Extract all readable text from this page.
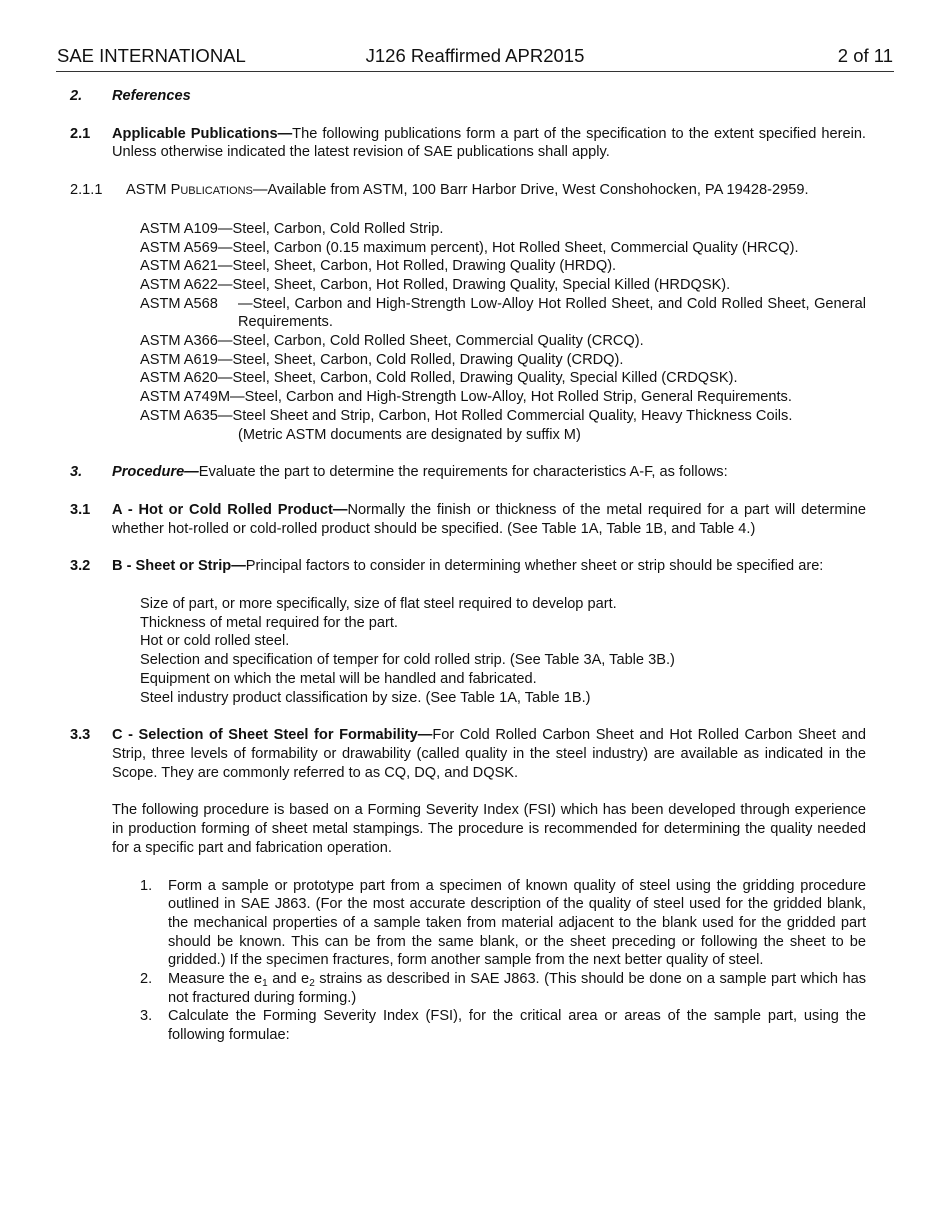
SAE INTERNATIONAL	J126 Reaffirmed APR2015	2 of 11
2.	References
2.1	Applicable Publications—The following publications form a part of the specification to the extent specified herein. Unless otherwise indicated the latest revision of SAE publications shall apply.
2.1.1	ASTM PUBLICATIONS—Available from ASTM, 100 Barr Harbor Drive, West Conshohocken, PA 19428-2959.
ASTM A109 —Steel, Carbon, Cold Rolled Strip.
ASTM A569 —Steel, Carbon (0.15 maximum percent), Hot Rolled Sheet, Commercial Quality (HRCQ).
ASTM A621 —Steel, Sheet, Carbon, Hot Rolled, Drawing Quality (HRDQ).
ASTM A622 —Steel, Sheet, Carbon, Hot Rolled, Drawing Quality, Special Killed (HRDQSK).
ASTM A568	—Steel, Carbon and High-Strength Low-Alloy Hot Rolled Sheet, and Cold Rolled Sheet, General Requirements.
ASTM A366 —Steel, Carbon, Cold Rolled Sheet, Commercial Quality (CRCQ).
ASTM A619 —Steel, Sheet, Carbon, Cold Rolled, Drawing Quality (CRDQ).
ASTM A620 —Steel, Sheet, Carbon, Cold Rolled, Drawing Quality, Special Killed (CRDQSK).
ASTM A749M —Steel, Carbon and High-Strength Low-Alloy, Hot Rolled Strip, General Requirements.
ASTM A635 —Steel Sheet and Strip, Carbon, Hot Rolled Commercial Quality, Heavy Thickness Coils.
(Metric ASTM documents are designated by suffix M)
3.	Procedure—Evaluate the part to determine the requirements for characteristics A-F, as follows:
3.1	A - Hot or Cold Rolled Product—Normally the finish or thickness of the metal required for a part will determine whether hot-rolled or cold-rolled product should be specified. (See Table 1A, Table 1B, and Table 4.)
3.2	B - Sheet or Strip—Principal factors to consider in determining whether sheet or strip should be specified are:
Size of part, or more specifically, size of flat steel required to develop part.
Thickness of metal required for the part.
Hot or cold rolled steel.
Selection and specification of temper for cold rolled strip. (See Table 3A, Table 3B.)
Equipment on which the metal will be handled and fabricated.
Steel industry product classification by size. (See Table 1A, Table 1B.)
3.3	C - Selection of Sheet Steel for Formability—For Cold Rolled Carbon Sheet and Hot Rolled Carbon Sheet and Strip, three levels of formability or drawability (called quality in the steel industry) are available as indicated in the Scope. They are commonly referred to as CQ, DQ, and DQSK.
The following procedure is based on a Forming Severity Index (FSI) which has been developed through experience in production forming of sheet metal stampings. The procedure is recommended for determining the quality needed for a specific part and fabrication operation.
1.	Form a sample or prototype part from a specimen of known quality of steel using the gridding procedure outlined in SAE J863. (For the most accurate description of the quality of steel used for the gridded blank, the mechanical properties of a sample taken from material adjacent to the blank used for the gridded part should be known. This can be from the same blank, or the sheet preceding or following the sheet to be gridded.) If the specimen fractures, form another sample from the next better quality of steel.
2.	Measure the $e_1$ and $e_2$ strains as described in SAE J863. (This should be done on a sample part which has not fractured during forming.)
3.	Calculate the Forming Severity Index (FSI), for the critical area or areas of the sample part, using the following formulae:
